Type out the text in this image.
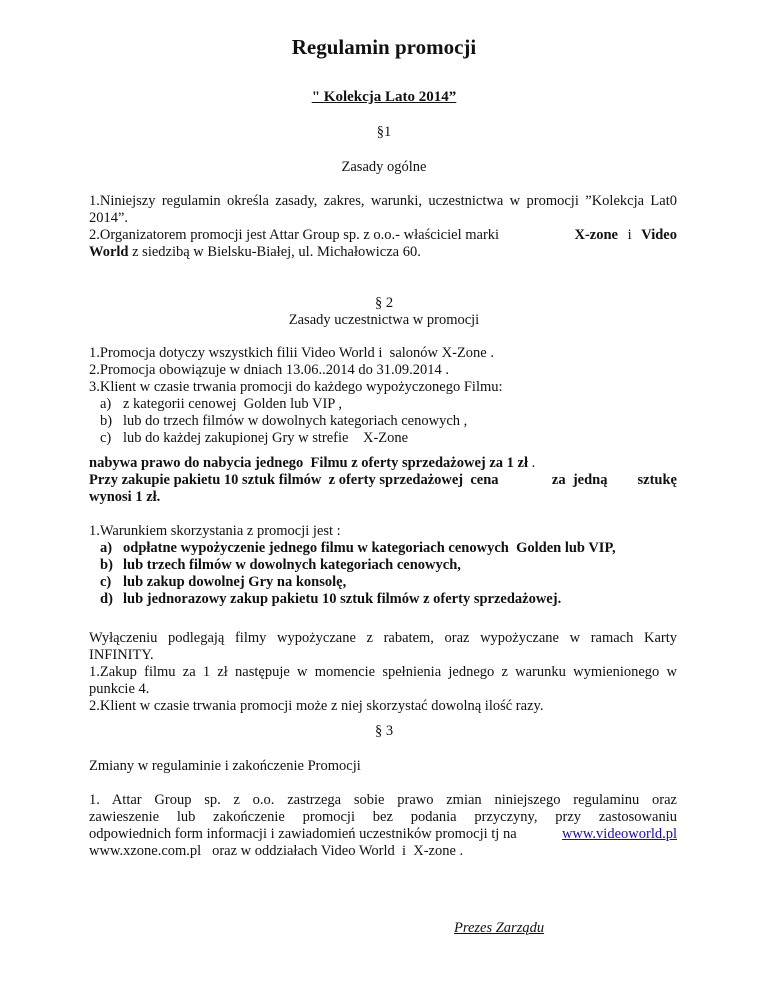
Regulamin promocji
" Kolekcja Lato 2014”
§1
Zasady ogólne
1.Niniejszy regulamin określa zasady, zakres, warunki, uczestnictwa w promocji ”Kolekcja Lat0 2014”.
2.Organizatorem promocji jest Attar Group sp. z o.o.- właściciel marki	X-zone i Video
World z siedzibą w Bielsku-Białej, ul. Michałowicza 60.
§ 2
Zasady uczestnictwa w promocji
1.Promocja dotyczy wszystkich filii Video World i  salonów X-Zone .
2.Promocja obowiązuje w dniach 13.06..2014 do 31.09.2014 .
3.Klient w czasie trwania promocji do każdego wypożyczonego Filmu:
a) z kategorii cenowej  Golden lub VIP ,
b) lub do trzech filmów w dowolnych kategoriach cenowych ,
c) lub do każdej zakupionej Gry w strefie    X-Zone
nabywa prawo do nabycia jednego  Filmu z oferty sprzedażowej za 1 zł .
Przy zakupie pakietu 10 sztuk filmów  z oferty sprzedażowej  cena	za  jedną sztukę
wynosi 1 zł.
1.Warunkiem skorzystania z promocji jest :
a) odpłatne wypożyczenie jednego filmu w kategoriach cenowych  Golden lub VIP,
b) lub trzech filmów w dowolnych kategoriach cenowych,
c) lub zakup dowolnej Gry na konsolę,
d) lub jednorazowy zakup pakietu 10 sztuk filmów z oferty sprzedażowej.
Wyłączeniu podlegają filmy wypożyczane z rabatem, oraz wypożyczane w ramach Karty
INFINITY.
1.Zakup filmu za 1 zł następuje w momencie spełnienia jednego z warunku wymienionego w
punkcie 4.
2.Klient w czasie trwania promocji może z niej skorzystać dowolną ilość razy.
§ 3
Zmiany w regulaminie i zakończenie Promocji
1. Attar Group sp. z o.o. zastrzega sobie prawo zmian niniejszego regulaminu oraz
zawieszenie lub zakończenie promocji bez podania przyczyny, przy zastosowaniu
odpowiednich form informacji i zawiadomień uczestników promocji tj na	www.videoworld.pl
www.xzone.com.pl   oraz w oddziałach Video World  i  X-zone .
Prezes Zarządu
